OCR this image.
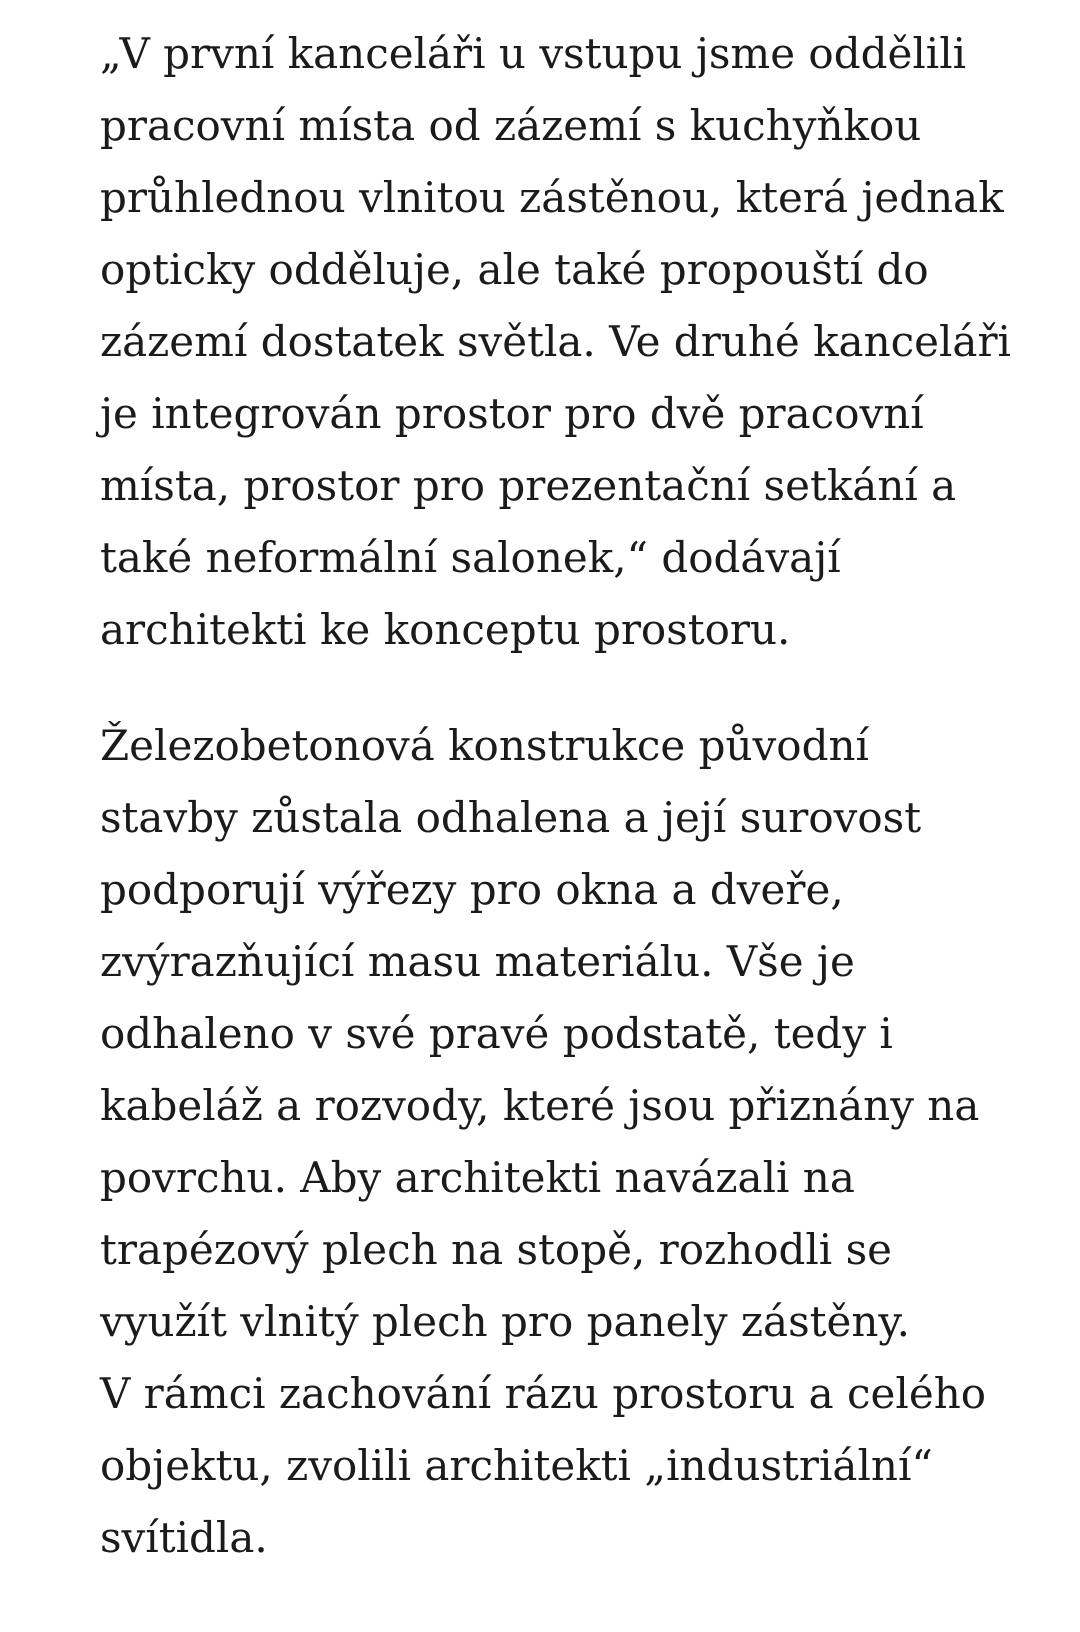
„V první kanceláři u vstupu jsme oddělili
pracovní místa od zázemí s kuchyňkou
průhlednou vlnitou zástěnou, která jednak
opticky odděluje, ale také propouští do
zázemí dostatek světla. Ve druhé kanceláři
je integrován prostor pro dvě pracovní
místa, prostor pro prezentační setkání a
také neformální salonek,“ dodávají
architekti ke konceptu prostoru.

Železobetonová konstrukce původní
stavby zůstala odhalena a její surovost
podporují výřezy pro okna a dveře,
zvýrazňující masu materiálu. Vše je
odhaleno v své pravé podstatě, tedy i
kabeláž a rozvody, které jsou přiznány na
povrchu. Aby architekti navázali na
trapézový plech na stopě, rozhodli se
využít vlnitý plech pro panely zástěny.
V rámci zachování rázu prostoru a celého
objektu, zvolili architekti „industriální“
svítidla.
